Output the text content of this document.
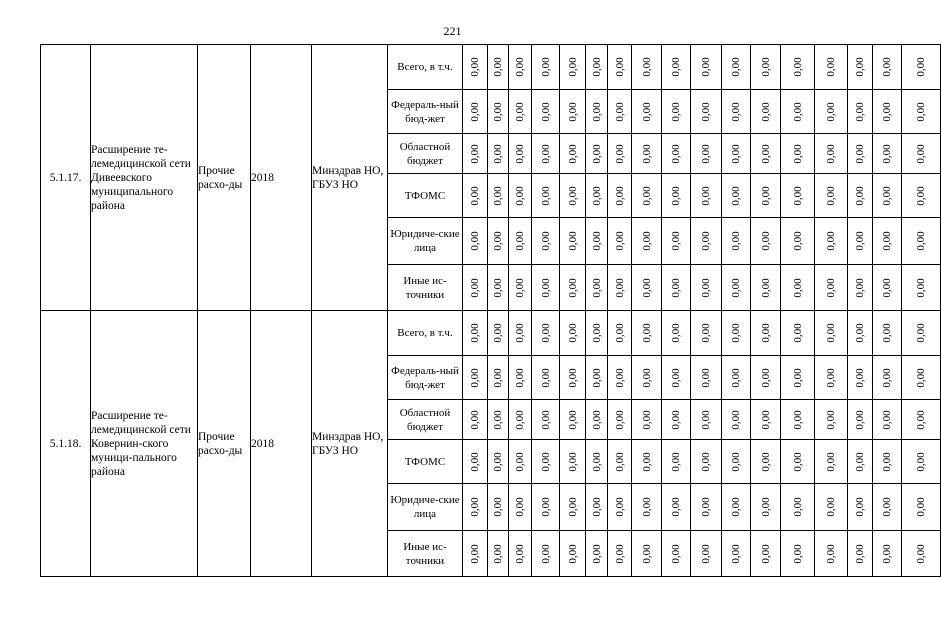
221
5.1.17.	Расширение те-лемедицинской сети Дивеевского муниципального района	Прочие расхо-ды	2018	Минздрав НО, ГБУЗ НО	Всего, в т.ч.	0,00	0,00	0,00	0,00	0,00	0,00	0,00	0,00	0,00	0,00	0,00	0,00	0,00	0,00	0,00	0,00	0,00

					Федераль-ный бюд-жет	0,00	0,00	0,00	0,00	0,00	0,00	0,00	0,00	0,00	0,00	0,00	0,00	0,00	0,00	0,00	0,00	0,00

					Областной бюджет	0,00	0,00	0,00	0,00	0,00	0,00	0,00	0,00	0,00	0,00	0,00	0,00	0,00	0,00	0,00	0,00	0,00

					ТФОМС	0,00	0,00	0,00	0,00	0,00	0,00	0,00	0,00	0,00	0,00	0,00	0,00	0,00	0,00	0,00	0,00	0,00

					Юридиче-ские лица	0,00	0,00	0,00	0,00	0,00	0,00	0,00	0,00	0,00	0,00	0,00	0,00	0,00	0,00	0,00	0,00	0,00

					Иные ис-точники	0,00	0,00	0,00	0,00	0,00	0,00	0,00	0,00	0,00	0,00	0,00	0,00	0,00	0,00	0,00	0,00	0,00

5.1.18.	Расширение те-лемедицинской сети Ковернин-ского муници-пального района	Прочие расхо-ды	2018	Минздрав НО, ГБУЗ НО	Всего, в т.ч.	0,00	0,00	0,00	0,00	0,00	0,00	0,00	0,00	0,00	0,00	0,00	0,00	0,00	0,00	0,00	0,00	0,00

					Федераль-ный бюд-жет	0,00	0,00	0,00	0,00	0,00	0,00	0,00	0,00	0,00	0,00	0,00	0,00	0,00	0,00	0,00	0,00	0,00

					Областной бюджет	0,00	0,00	0,00	0,00	0,00	0,00	0,00	0,00	0,00	0,00	0,00	0,00	0,00	0,00	0,00	0,00	0,00

					ТФОМС	0,00	0,00	0,00	0,00	0,00	0,00	0,00	0,00	0,00	0,00	0,00	0,00	0,00	0,00	0,00	0,00	0,00

					Юридиче-ские лица	0,00	0,00	0,00	0,00	0,00	0,00	0,00	0,00	0,00	0,00	0,00	0,00	0,00	0,00	0,00	0,00	0,00

					Иные ис-точники	0,00	0,00	0,00	0,00	0,00	0,00	0,00	0,00	0,00	0,00	0,00	0,00	0,00	0,00	0,00	0,00	0,00
